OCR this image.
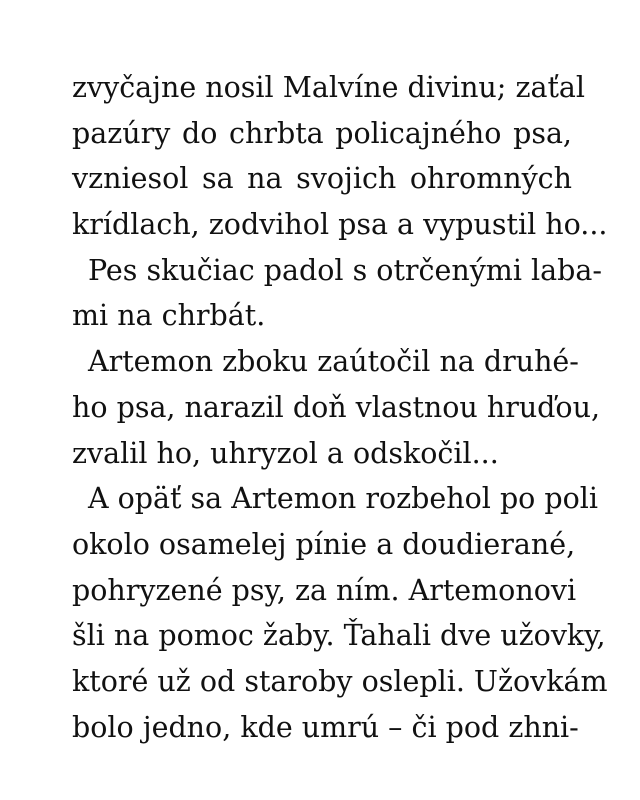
zvyčajne nosil Malvíne divinu; zaťal
pazúry do chrbta policajného psa,
vzniesol sa na svojich ohromných
krídlach, zodvihol psa a vypustil ho...
Pes skučiac padol s otrčenými laba-
mi na chrbát.
Artemon zboku zaútočil na druhé-
ho psa, narazil doň vlastnou hruďou,
zvalil ho, uhryzol a odskočil...
A opäť sa Artemon rozbehol po poli
okolo osamelej pínie a doudierané,
pohryzené psy, za ním. Artemonovi
šli na pomoc žaby. Ťahali dve užovky,
ktoré už od staroby oslepli. Užovkám
bolo jedno, kde umrú – či pod zhni-
